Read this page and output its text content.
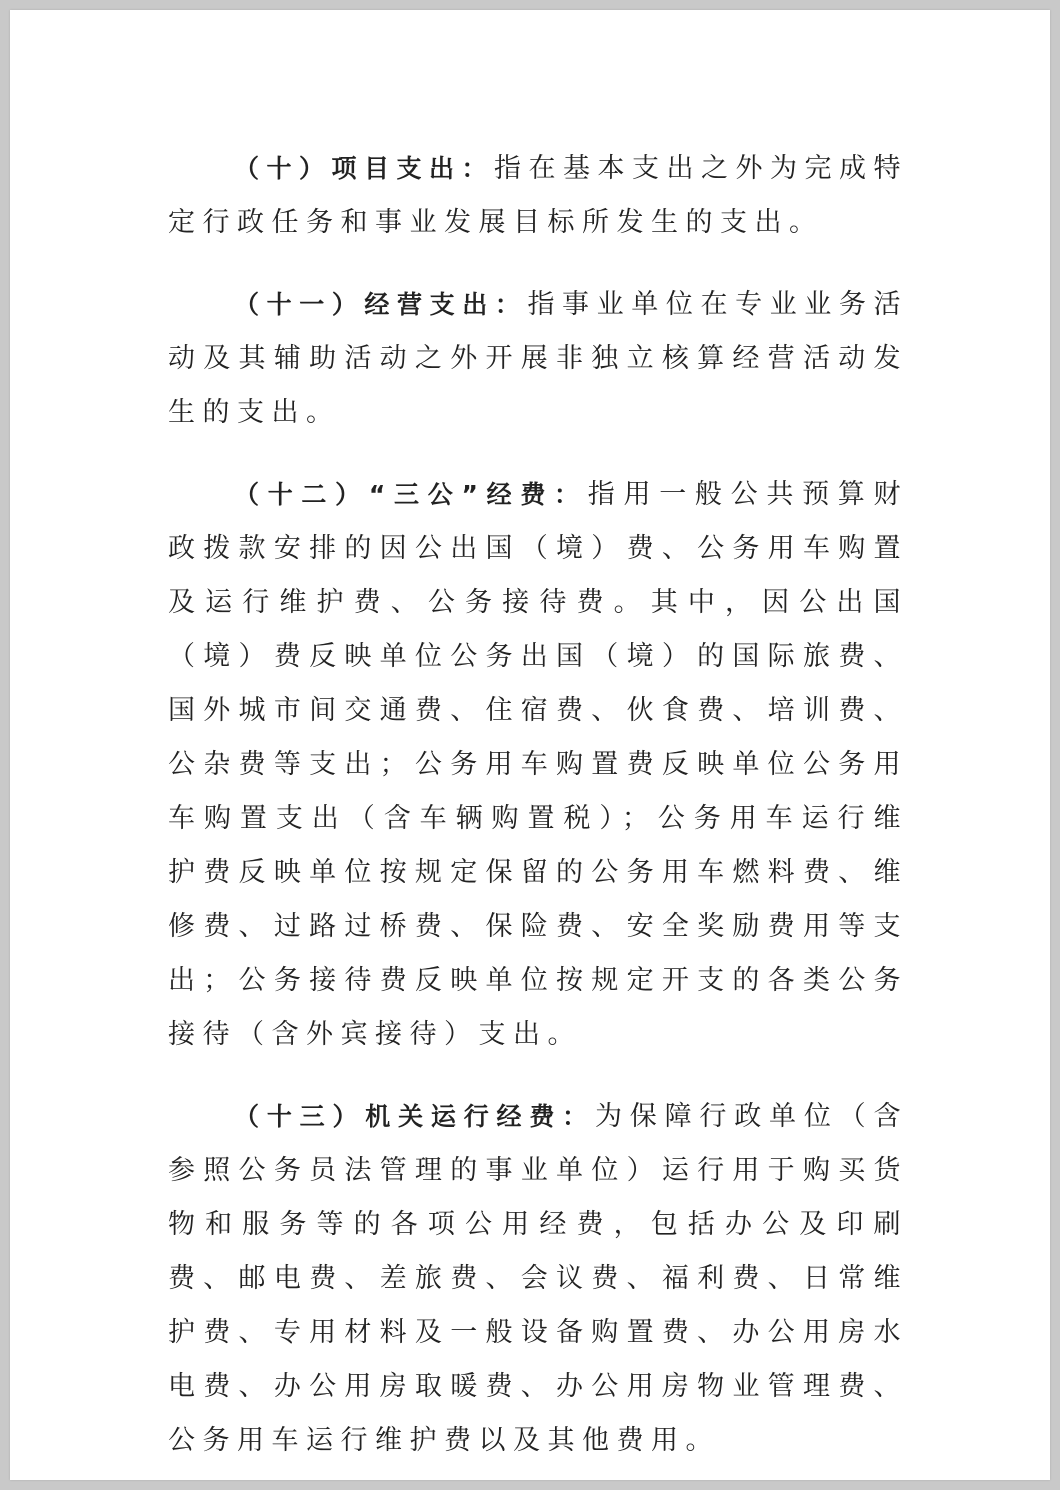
（十）项目支出：指在基本支出之外为完成特定行政任务和事业发展目标所发生的支出。

（十一）经营支出：指事业单位在专业业务活动及其辅助活动之外开展非独立核算经营活动发生的支出。

（十二）“三公”经费：指用一般公共预算财政拨款安排的因公出国（境）费、公务用车购置及运行维护费、公务接待费。其中，因公出国（境）费反映单位公务出国（境）的国际旅费、国外城市间交通费、住宿费、伙食费、培训费、公杂费等支出；公务用车购置费反映单位公务用车购置支出（含车辆购置税）；公务用车运行维护费反映单位按规定保留的公务用车燃料费、维修费、过路过桥费、保险费、安全奖励费用等支出；公务接待费反映单位按规定开支的各类公务接待（含外宾接待）支出。

（十三）机关运行经费：为保障行政单位（含参照公务员法管理的事业单位）运行用于购买货物和服务等的各项公用经费，包括办公及印刷费、邮电费、差旅费、会议费、福利费、日常维护费、专用材料及一般设备购置费、办公用房水电费、办公用房取暖费、办公用房物业管理费、公务用车运行维护费以及其他费用。
